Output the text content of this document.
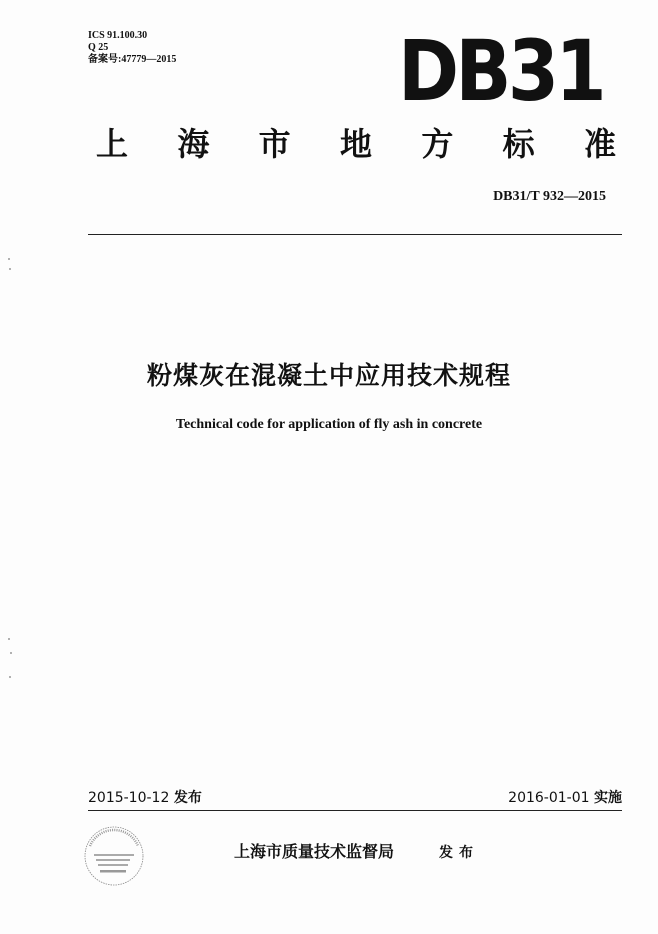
ICS 91.100.30
Q 25
备案号:47779—2015	DB31
上 海 市 地 方 标 准
DB31/T 932—2015
粉煤灰在混凝土中应用技术规程
Technical code for application of fly ash in concrete
2015-10-12 发布	2016-01-01 实施
上海市质量技术监督局	发布
